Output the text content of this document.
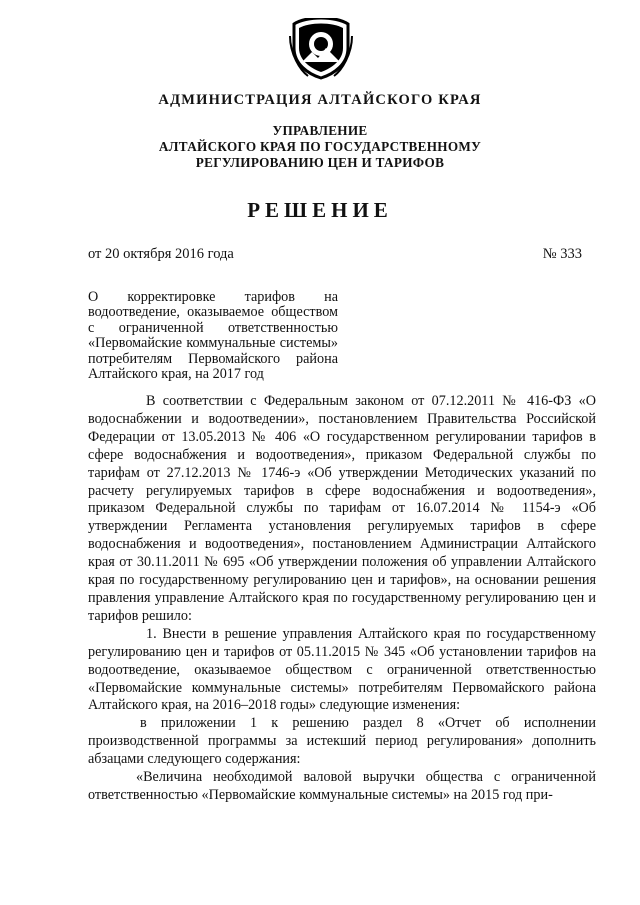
АДМИНИСТРАЦИЯ АЛТАЙСКОГО КРАЯ
УПРАВЛЕНИЕ
АЛТАЙСКОГО КРАЯ ПО ГОСУДАРСТВЕННОМУ
РЕГУЛИРОВАНИЮ ЦЕН И ТАРИФОВ
РЕШЕНИЕ
от 20 октября 2016 года	№ 333
О корректировке тарифов на водоотведение, оказываемое обществом с ограниченной ответственностью «Первомайские коммунальные системы» потребителям Первомайского района Алтайского края, на 2017 год

В соответствии с Федеральным законом от 07.12.2011 № 416-ФЗ «О водоснабжении и водоотведении», постановлением Правительства Российской Федерации от 13.05.2013 № 406 «О государственном регулировании тарифов в сфере водоснабжения и водоотведения», приказом Федеральной службы по тарифам от 27.12.2013 № 1746-э «Об утверждении Методических указаний по расчету регулируемых тарифов в сфере водоснабжения и водоотведения», приказом Федеральной службы по тарифам от 16.07.2014 № 1154-э «Об утверждении Регламента установления регулируемых тарифов в сфере водоснабжения и водоотведения», постановлением Администрации Алтайского края от 30.11.2011 № 695 «Об утверждении положения об управлении Алтайского края по государственному регулированию цен и тарифов», на основании решения правления управление Алтайского края по государственному регулированию цен и тарифов решило:

1. Внести в решение управления Алтайского края по государственному регулированию цен и тарифов от 05.11.2015 № 345 «Об установлении тарифов на водоотведение, оказываемое обществом с ограниченной ответственностью «Первомайские коммунальные системы» потребителям Первомайского района Алтайского края, на 2016–2018 годы» следующие изменения:

в приложении 1 к решению раздел 8 «Отчет об исполнении производственной программы за истекший период регулирования» дополнить абзацами следующего содержания:

«Величина необходимой валовой выручки общества с ограниченной ответственностью «Первомайские коммунальные системы» на 2015 год при-
